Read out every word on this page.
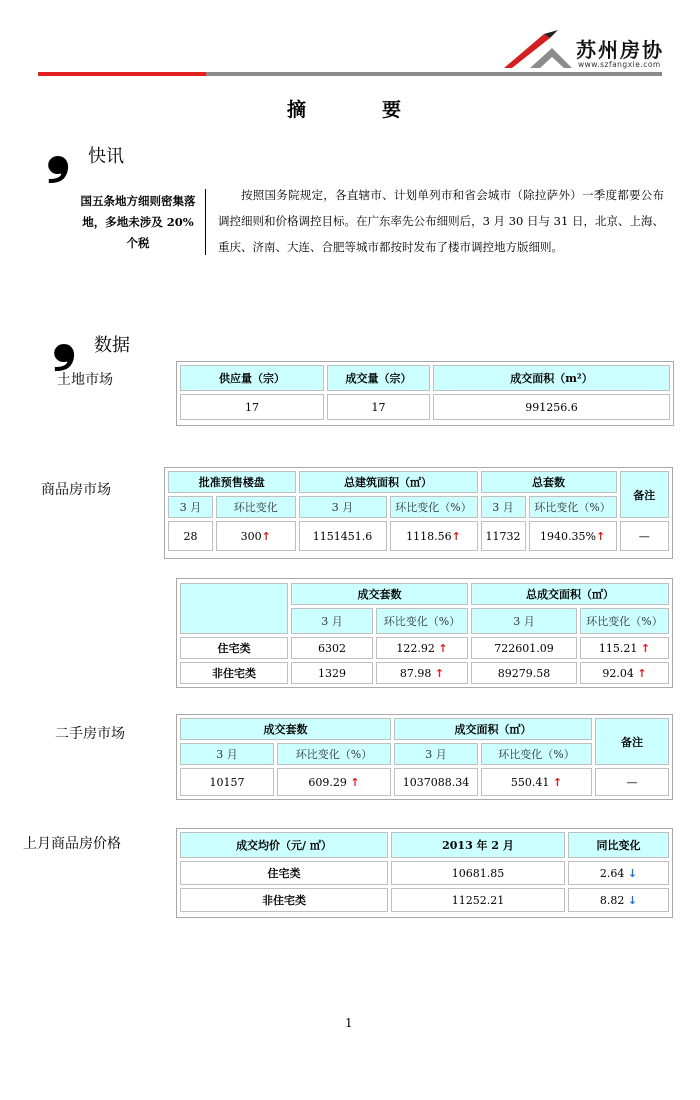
苏州房协
www.szfangxie.com
摘　　　　要
❟ 快讯
国五条地方细则密集落地，多地未涉及 20%个税
按照国务院规定，各直辖市、计划单列市和省会城市（除拉萨外）一季度都要公布调控细则和价格调控目标。在广东率先公布细则后，3 月 30 日与 31 日，北京、上海、重庆、济南、大连、合肥等城市都按时发布了楼市调控地方版细则。
❟ 数据
土地市场	供应量（宗）	成交量（宗）	成交面积（m²）
17	17	991256.6
商品房市场	批准预售楼盘		总建筑面积（㎡）		总套数		备注
3 月	环比变化	3 月	环比变化（%）	3 月	环比变化（%）	
28	300↑	1151451.6	1118.56↑	11732	1940.35%↑	—
	成交套数		总成交面积（㎡）	
	3 月	环比变化（%）	3 月	环比变化（%）
住宅类	6302	122.92 ↑	722601.09	115.21 ↑
非住宅类	1329	87.98 ↑	89279.58	92.04 ↑
二手房市场	成交套数		成交面积（㎡）		备注
3 月	环比变化（%）	3 月	环比变化（%）	
10157	609.29 ↑	1037088.34	550.41 ↑	—
上月商品房价格	成交均价（元/ ㎡）	2013 年 2 月	同比变化
住宅类	10681.85	2.64 ↓
非住宅类	11252.21	8.82 ↓
1
